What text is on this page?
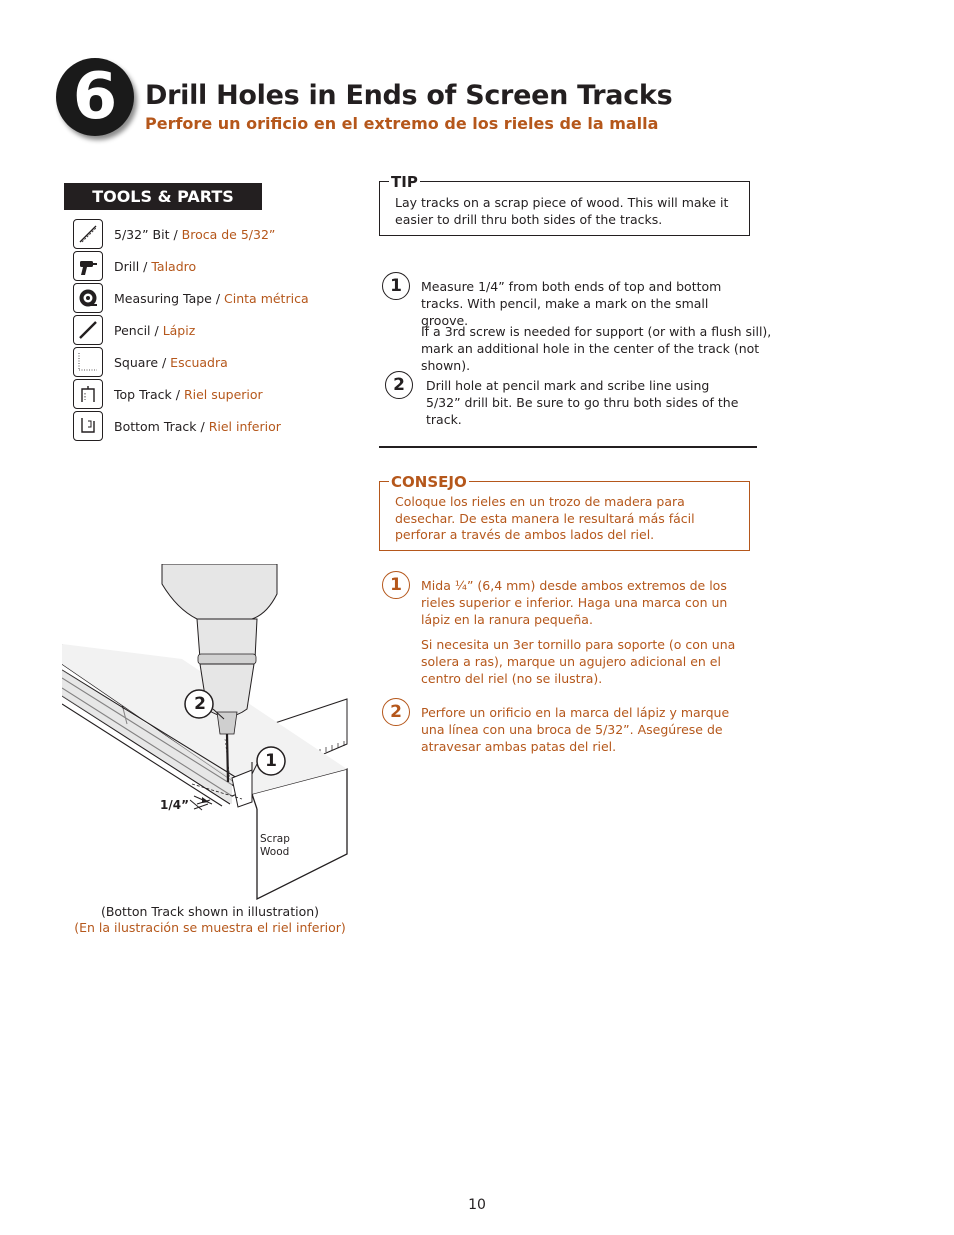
6	Drill Holes in Ends of Screen Tracks
Perfore un orificio en el extremo de los rieles de la malla
TOOLS & PARTS
5/32” Bit / Broca de 5/32”
Drill / Taladro
Measuring Tape / Cinta métrica
Pencil / Lápiz
Square / Escuadra
Top Track / Riel superior
Bottom Track / Riel inferior
TIP
Lay tracks on a scrap piece of wood. This will make it easier to drill thru both sides of the tracks.
1	Measure 1/4” from both ends of top and bottom tracks. With pencil, make a mark on the small groove.
If a 3rd screw is needed for support (or with a flush sill), mark an additional hole in the center of the track (not shown).
2	Drill hole at pencil mark and scribe line using 5/32” drill bit. Be sure to go thru both sides of the track.
CONSEJO
Coloque los rieles en un trozo de madera para desechar. De esta manera le resultará más fácil perforar a través de ambos lados del riel.
1	Mida ¼” (6,4 mm) desde ambos extremos de los rieles superior e inferior. Haga una marca con un lápiz en la ranura pequeña.
Si necesita un 3er tornillo para soporte (o con una solera a ras), marque un agujero adicional en el centro del riel (no se ilustra).
2	Perfore un orificio en la marca del lápiz y marque una línea con una broca de 5/32”. Asegúrese de atravesar ambas patas del riel.
2
1
1/4”
Scrap
Wood
(Botton Track shown in illustration)
(En la ilustración se muestra el riel inferior)
10
